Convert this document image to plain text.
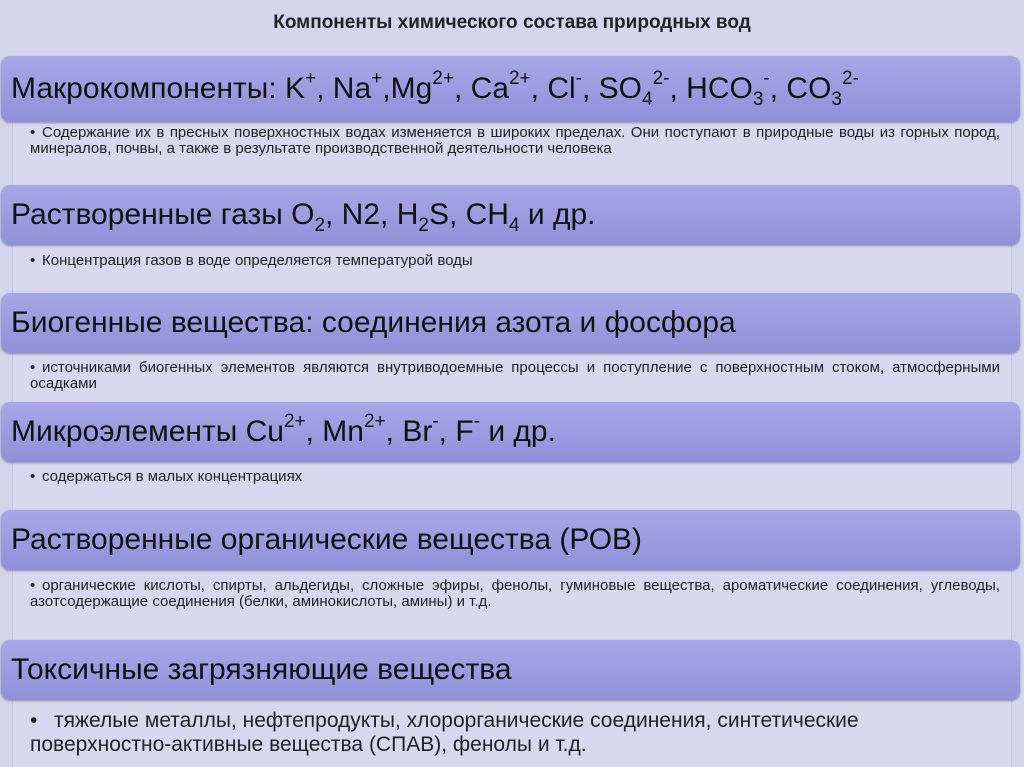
Компоненты химического состава природных вод
Макрокомпоненты: K+, $Na^+,Mg^{2+}$, $Ca^{2+}$, Cl-, $SO_4^{2-}$, $HCO_3^-$, $CO_3^{2-}$
• Содержание их в пресных поверхностных водах изменяется в широких пределах. Они поступают в природные воды из горных пород, минералов, почвы, а также в результате производственной деятельности человека
Растворенные газы $O_2$, N2, $H_2S$, $CH_4$ и др.
• Концентрация газов в воде определяется температурой воды
Биогенные вещества: соединения азота и фосфора
• источниками биогенных элементов являются внутриводоемные процессы и поступление с поверхностным стоком, атмосферными осадками
Микроэлементы $Cu^{2+}$, $Mn^{2+}$, Br-, F- и др.
• содержаться в малых концентрациях
Растворенные органические вещества (РОВ)
• органические кислоты, спирты, альдегиды, сложные эфиры, фенолы, гуминовые вещества, ароматические соединения, углеводы, азотсодержащие соединения (белки, аминокислоты, амины) и т.д.
Токсичные загрязняющие вещества
• тяжелые металлы, нефтепродукты, хлорорганические соединения, синтетические поверхностно-активные вещества (СПАВ), фенолы и т.д.
